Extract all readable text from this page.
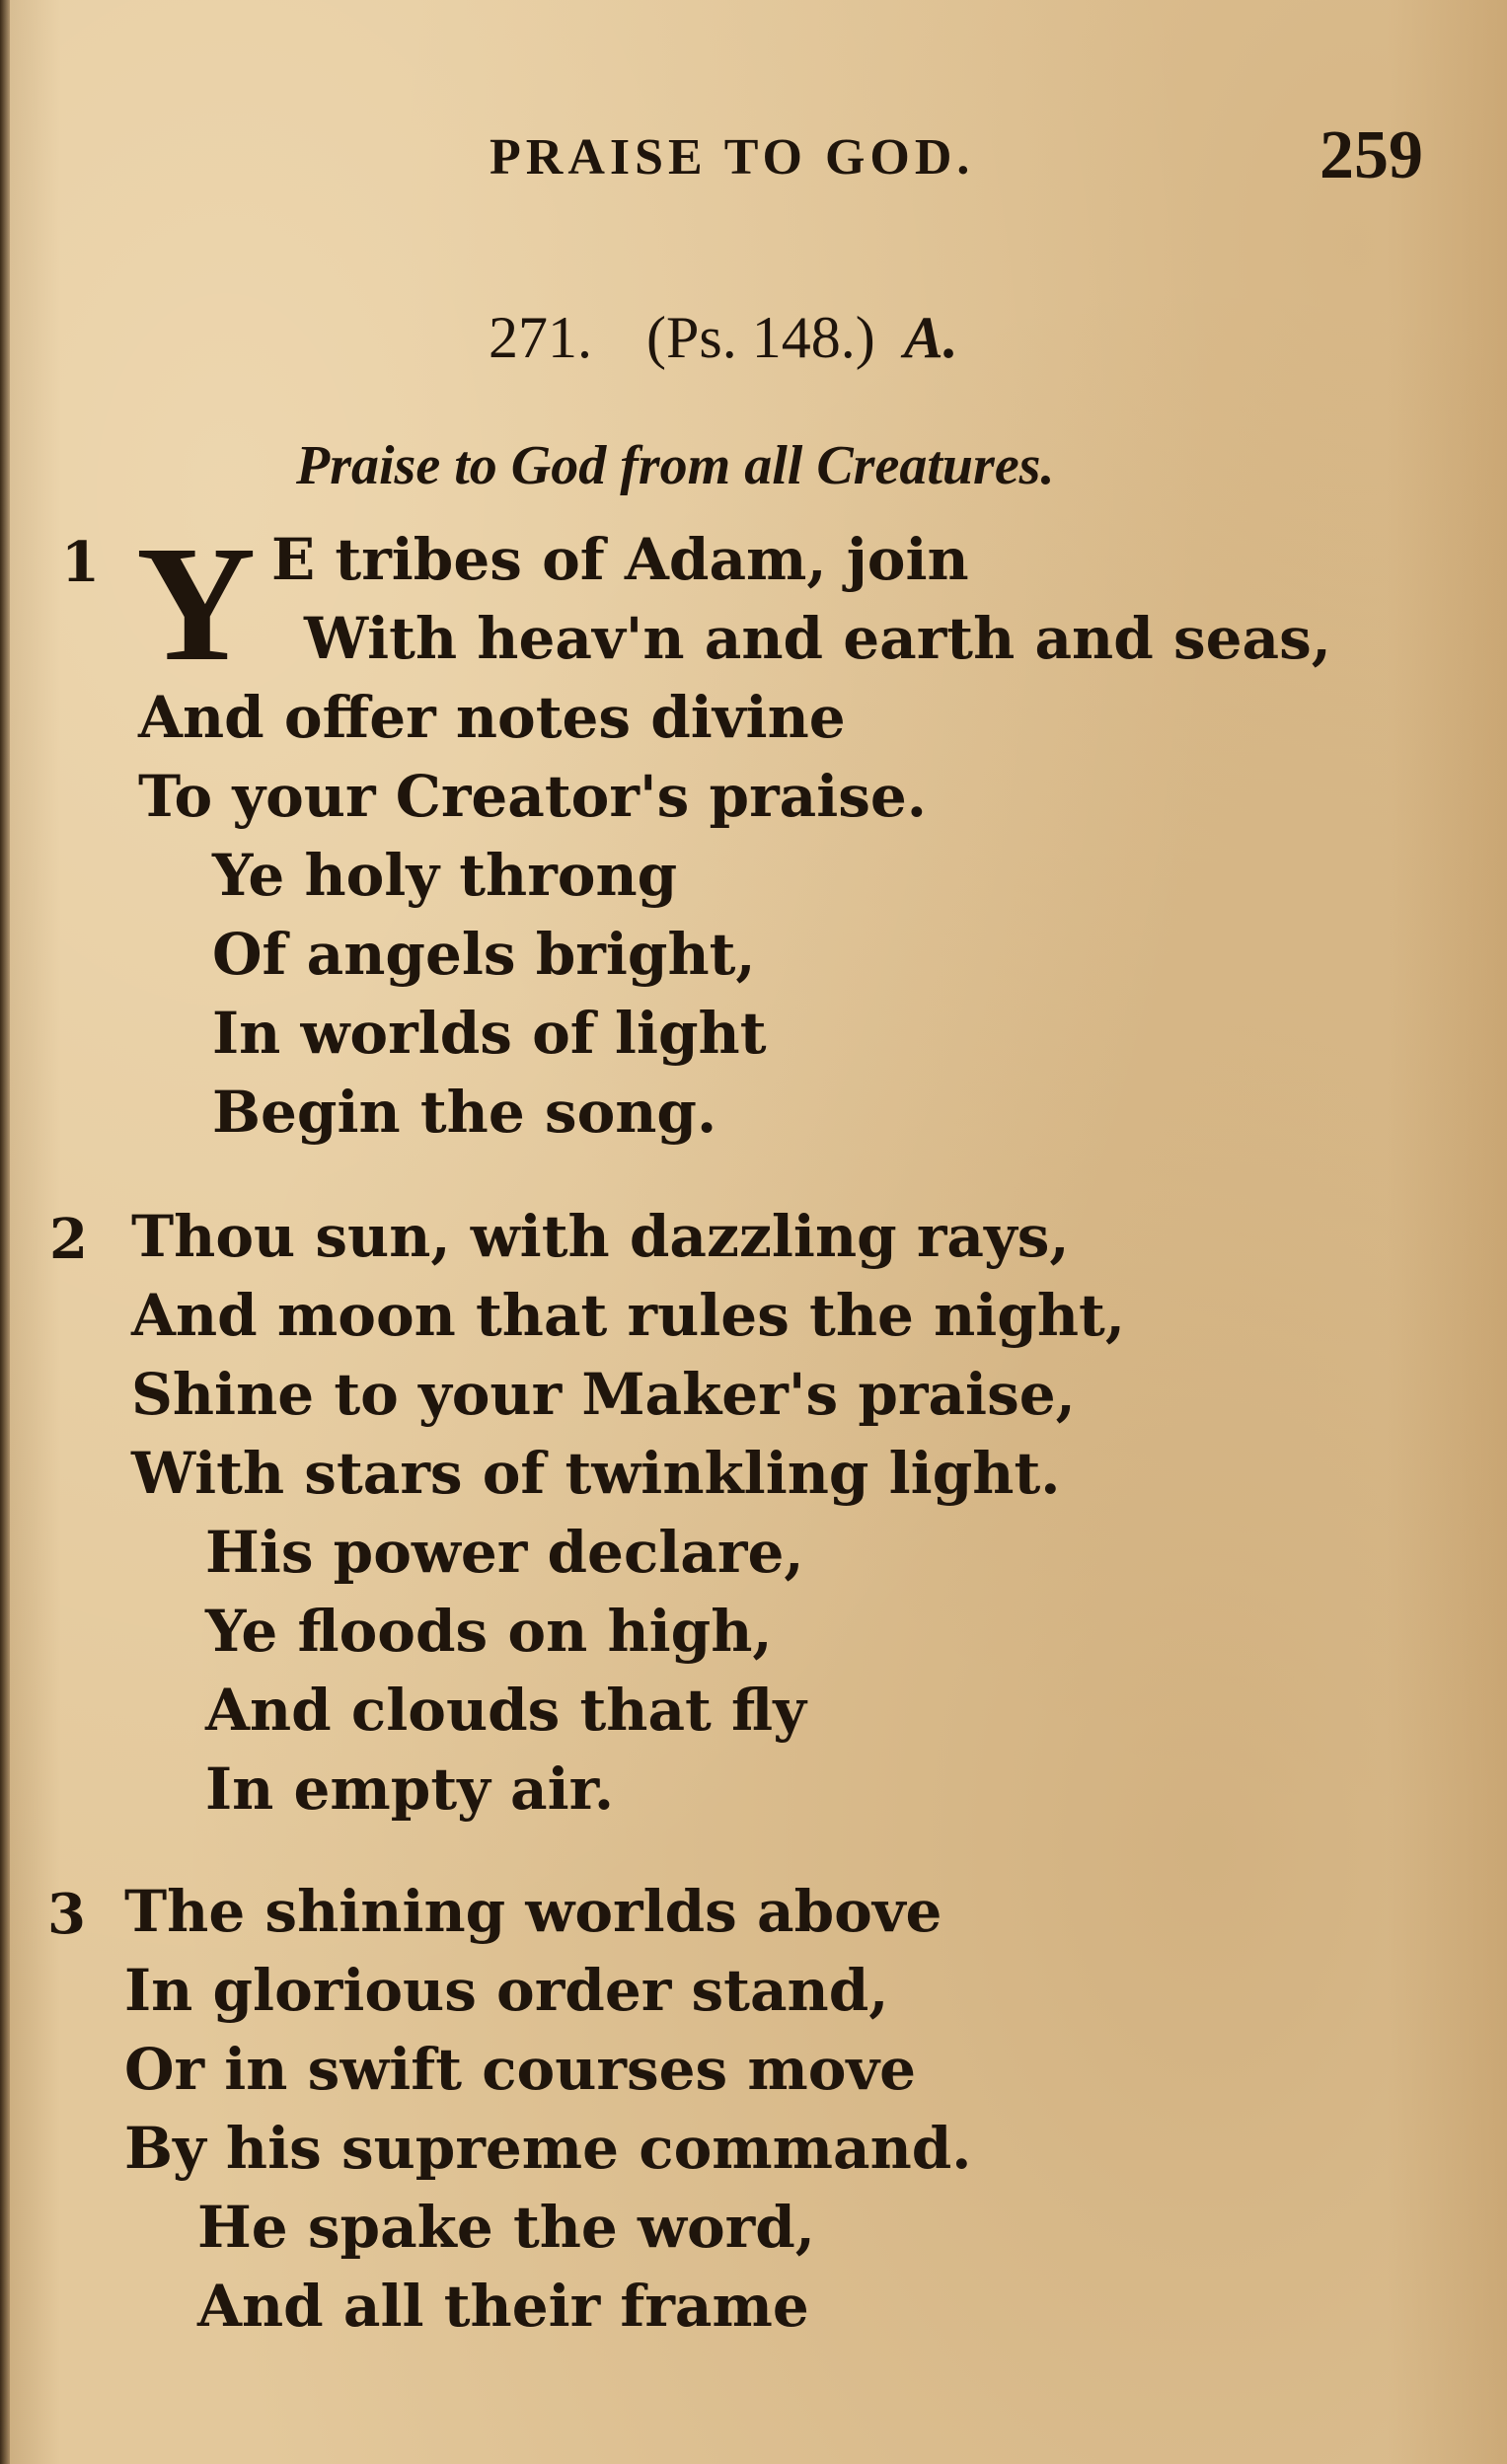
PRAISE TO GOD.	259
271. (Ps. 148.) A.
Praise to God from all Creatures.
1 Y E tribes of Adam, join
With heav'n and earth and seas,
And offer notes divine
To your Creator's praise.
Ye holy throng
Of angels bright,
In worlds of light
Begin the song.
2 Thou sun, with dazzling rays,
And moon that rules the night,
Shine to your Maker's praise,
With stars of twinkling light.
His power declare,
Ye floods on high,
And clouds that fly
In empty air.
3 The shining worlds above
In glorious order stand,
Or in swift courses move
By his supreme command.
He spake the word,
And all their frame
